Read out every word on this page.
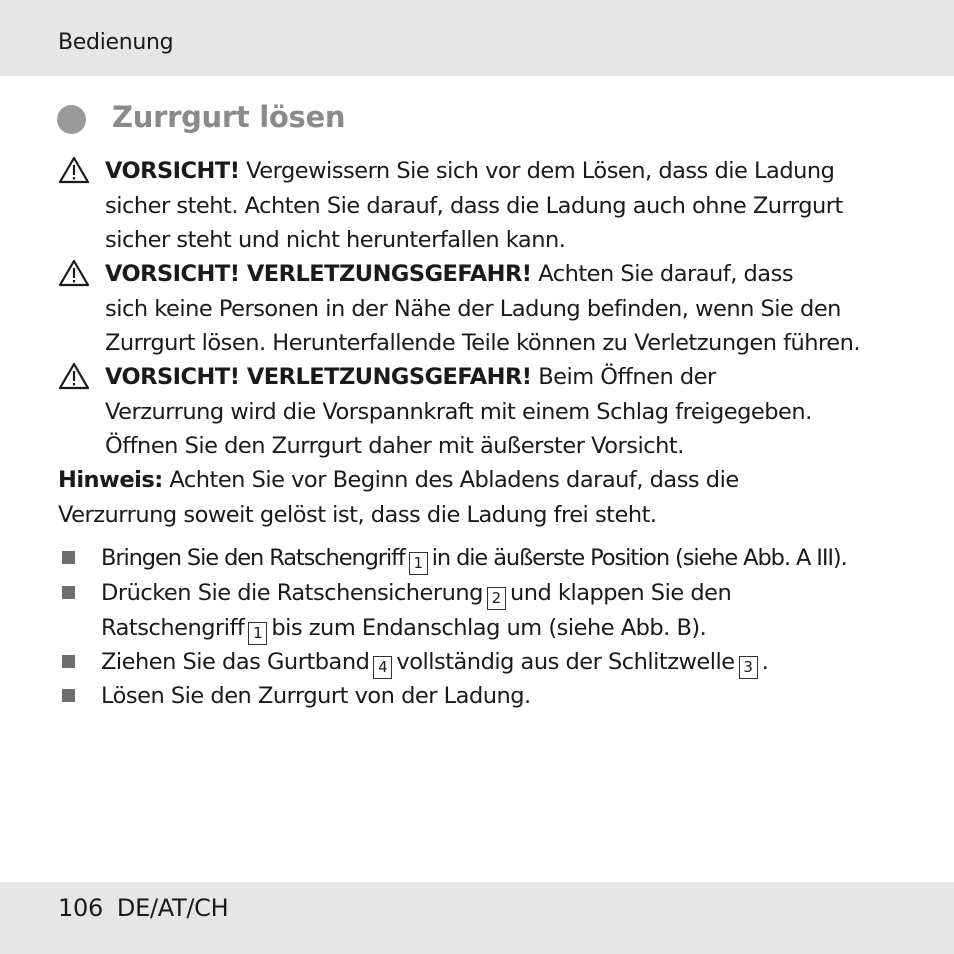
Bedienung
Zurrgurt lösen
VORSICHT! Vergewissern Sie sich vor dem Lösen, dass die Ladung
sicher steht. Achten Sie darauf, dass die Ladung auch ohne Zurrgurt
sicher steht und nicht herunterfallen kann.
VORSICHT! VERLETZUNGSGEFAHR! Achten Sie darauf, dass
sich keine Personen in der Nähe der Ladung befinden, wenn Sie den
Zurrgurt lösen. Herunterfallende Teile können zu Verletzungen führen.
VORSICHT! VERLETZUNGSGEFAHR! Beim Öffnen der
Verzurrung wird die Vorspannkraft mit einem Schlag freigegeben.
Öffnen Sie den Zurrgurt daher mit äußerster Vorsicht.
Hinweis: Achten Sie vor Beginn des Abladens darauf, dass die
Verzurrung soweit gelöst ist, dass die Ladung frei steht.
Bringen Sie den Ratschengriff 1 in die äußerste Position (siehe Abb. A III).
Drücken Sie die Ratschensicherung 2 und klappen Sie den
Ratschengriff 1 bis zum Endanschlag um (siehe Abb. B).
Ziehen Sie das Gurtband 4 vollständig aus der Schlitzwelle 3 .
Lösen Sie den Zurrgurt von der Ladung.
106 DE/AT/CH
